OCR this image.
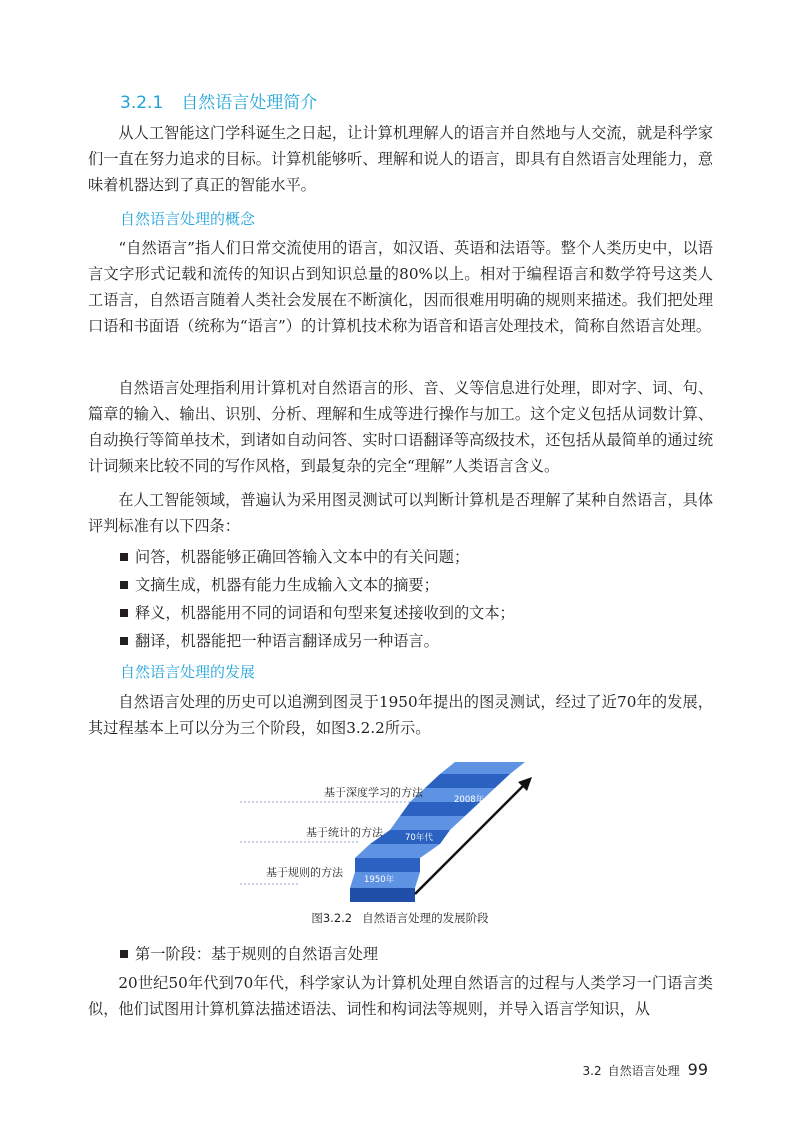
3.2.1 自然语言处理简介

从人工智能这门学科诞生之日起，让计算机理解人的语言并自然地与人交流，就是科学家们一直在努力追求的目标。计算机能够听、理解和说人的语言，即具有自然语言处理能力，意味着机器达到了真正的智能水平。

自然语言处理的概念

“自然语言”指人们日常交流使用的语言，如汉语、英语和法语等。整个人类历史中，以语言文字形式记载和流传的知识占到知识总量的80%以上。相对于编程语言和数学符号这类人工语言，自然语言随着人类社会发展在不断演化，因而很难用明确的规则来描述。我们把处理口语和书面语（统称为“语言”）的计算机技术称为语音和语言处理技术，简称自然语言处理。

自然语言处理指利用计算机对自然语言的形、音、义等信息进行处理，即对字、词、句、篇章的输入、输出、识别、分析、理解和生成等进行操作与加工。这个定义包括从词数计算、自动换行等简单技术，到诸如自动问答、实时口语翻译等高级技术，还包括从最简单的通过统计词频来比较不同的写作风格，到最复杂的完全“理解”人类语言含义。

在人工智能领域，普遍认为采用图灵测试可以判断计算机是否理解了某种自然语言，具体评判标准有以下四条：

问答，机器能够正确回答输入文本中的有关问题；
文摘生成，机器有能力生成输入文本的摘要；
释义，机器能用不同的词语和句型来复述接收到的文本；
翻译，机器能把一种语言翻译成另一种语言。
自然语言处理的发展

自然语言处理的历史可以追溯到图灵于1950年提出的图灵测试，经过了近70年的发展，其过程基本上可以分为三个阶段，如图3.2.2所示。

基于深度学习的方法
基于统计的方法
基于规则的方法
2008年
70年代
1950年
图3.2.2 自然语言处理的发展阶段
第一阶段：基于规则的自然语言处理

20世纪50年代到70年代，科学家认为计算机处理自然语言的过程与人类学习一门语言类似，他们试图用计算机算法描述语法、词性和构词法等规则，并导入语言学知识，从

3.2 自然语言处理 99
